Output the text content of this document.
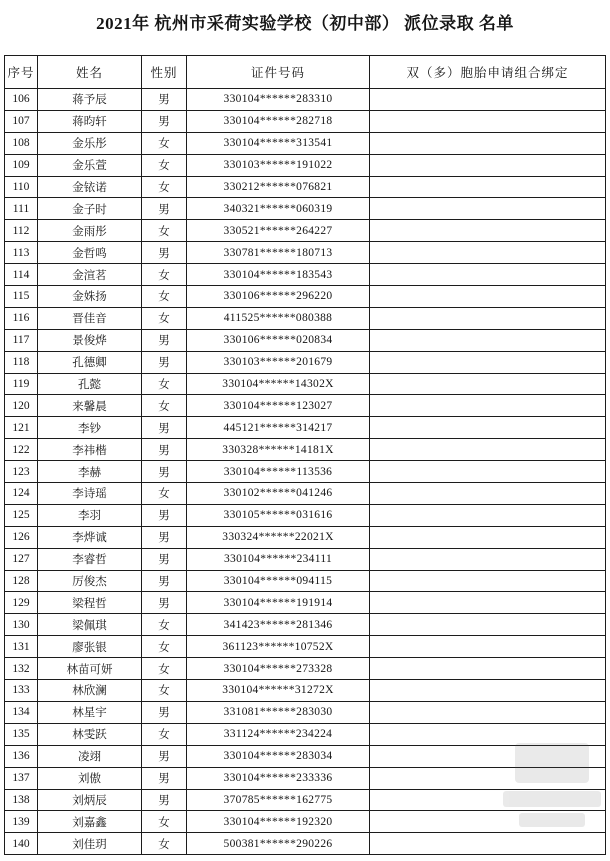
2021年 杭州市采荷实验学校（初中部） 派位录取 名单
序号	姓名	性别	证件号码	双（多）胞胎申请组合绑定
106	蒋予辰	男	330104******283310	
107	蒋昀轩	男	330104******282718	
108	金乐彤	女	330104******313541	
109	金乐萱	女	330103******191022	
110	金铱诺	女	330212******076821	
111	金子时	男	340321******060319	
112	金雨彤	女	330521******264227	
113	金哲鸣	男	330781******180713	
114	金渲茗	女	330104******183543	
115	金姝扬	女	330106******296220	
116	晋佳音	女	411525******080388	
117	景俊烨	男	330106******020834	
118	孔德卿	男	330103******201679	
119	孔懿	女	330104******14302X	
120	来馨晨	女	330104******123027	
121	李钞	男	445121******314217	
122	李祎楷	男	330328******14181X	
123	李赫	男	330104******113536	
124	李诗瑶	女	330102******041246	
125	李羽	男	330105******031616	
126	李烨诚	男	330324******22021X	
127	李睿哲	男	330104******234111	
128	厉俊杰	男	330104******094115	
129	梁程哲	男	330104******191914	
130	梁佩琪	女	341423******281346	
131	廖张银	女	361123******10752X	
132	林苗可妍	女	330104******273328	
133	林欣澜	女	330104******31272X	
134	林星宇	男	331081******283030	
135	林雯跃	女	331124******234224	
136	凌翊	男	330104******283034	
137	刘傲	男	330104******233336	
138	刘炳辰	男	370785******162775	
139	刘嘉鑫	女	330104******192320	
140	刘佳玥	女	500381******290226	
